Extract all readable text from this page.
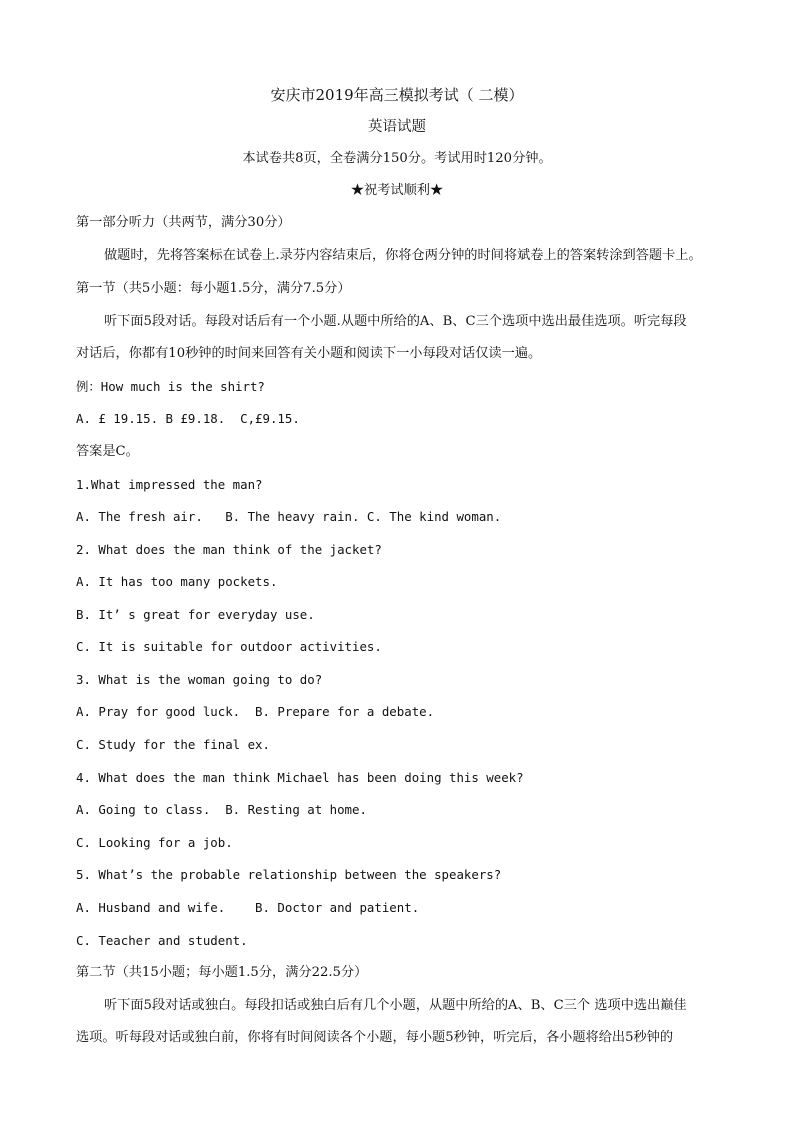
安庆市2019年高三模拟考试（ 二模）
英语试题
本试卷共8页，全卷满分150分。考试用时120分钟。
★祝考试顺利★
第一部分听力（共两节，满分30分）
做题时，先将答案标在试卷上.录芬内容结束后，你将仓两分钟的时间将斌卷上的答案转涂到答题卡上。
第一节（共5小题：每小题1.5分，满分7.5分）
听下面5段对话。每段对话后有一个小题.从题中所给的A、B、C三个选项中选出最佳选项。听完每段
对话后，你都有10秒钟的时间来回答有关小题和阅读下一小每段对话仅读一遍。
例：How much is the shirt?
A. £ 19.15. B £9.18.  C,£9.15.
答案是C。
1.What impressed the man?
A. The fresh air.   B. The heavy rain. C. The kind woman.
2. What does the man think of the jacket?
A. It has too many pockets.
B. It’ s great for everyday use.
C. It is suitable for outdoor activities.
3. What is the woman going to do?
A. Pray for good luck.  B. Prepare for a debate.
C. Study for the final ex.
4. What does the man think Michael has been doing this week?
A. Going to class.  B. Resting at home.
C. Looking for a job.
5. What’s the probable relationship between the speakers?
A. Husband and wife.    B. Doctor and patient.
C. Teacher and student.
第二节（共15小题；每小题1.5分，满分22.5分）
听下面5段对话或独白。每段扣话或独白后有几个小题，从题中所给的A、B、C三个 选项中选出巅佳
选项。听每段对话或独白前，你将有时间阅读各个小题，每小题5秒钟，听完后，各小题将给出5秒钟的
